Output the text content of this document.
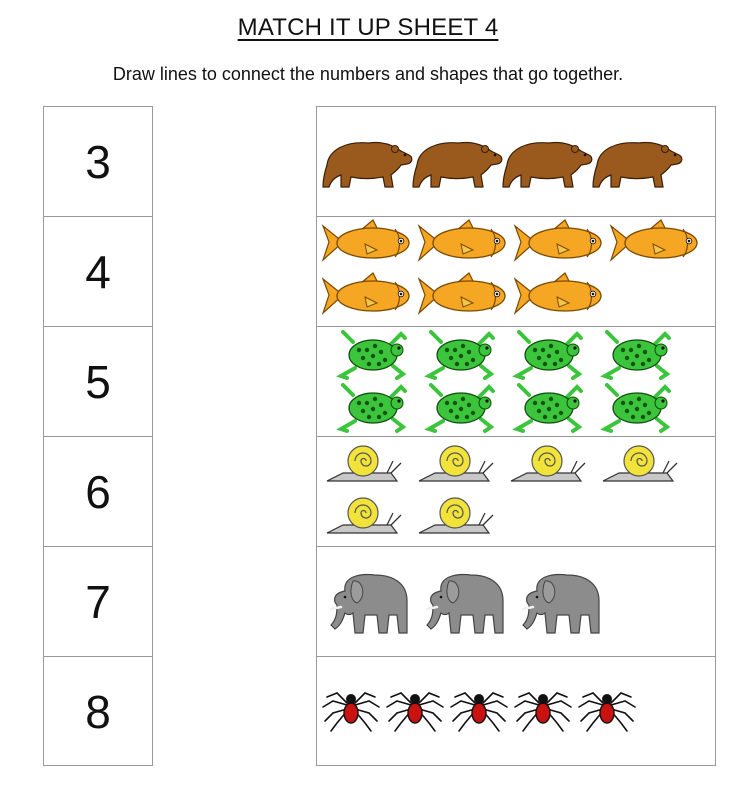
MATCH IT UP SHEET 4
Draw lines to connect the numbers and shapes that go together.
3
4
5
6
7
8
